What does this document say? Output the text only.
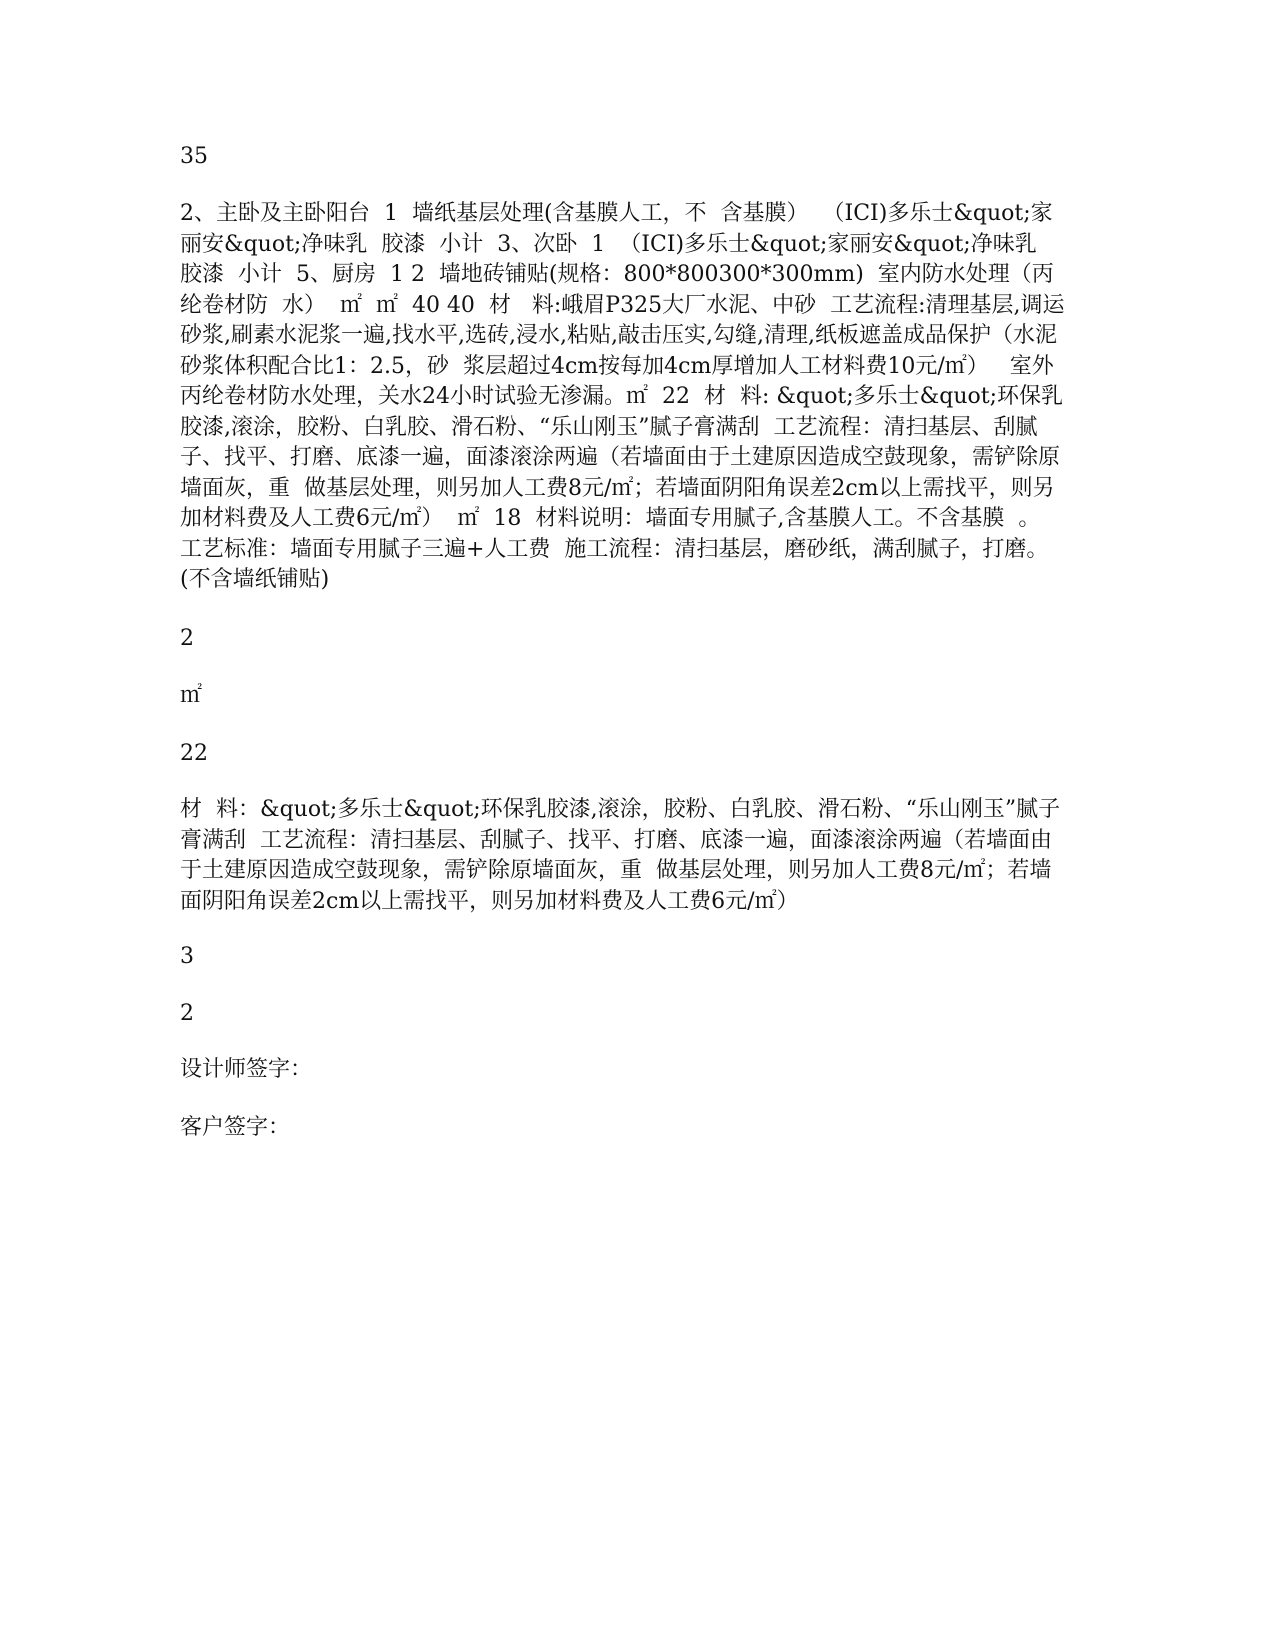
35

2、主卧及主卧阳台  1  墙纸基层处理(含基膜人工，不  含基膜）  （ICI)多乐士&quot;家丽安&quot;净味乳  胶漆  小计  3、次卧  1  （ICI)多乐士&quot;家丽安&quot;净味乳  胶漆  小计  5、厨房  1 2  墙地砖铺贴(规格：800*800300*300mm)  室内防水处理（丙纶卷材防  水）  ㎡  ㎡  40 40  材   料:峨眉P325大厂水泥、中砂  工艺流程:清理基层,调运砂浆,刷素水泥浆一遍,找水平,选砖,浸水,粘贴,敲击压实,勾缝,清理,纸板遮盖成品保护（水泥砂浆体积配合比1：2.5，砂  浆层超过4cm按每加4cm厚增加人工材料费10元/㎡）   室外丙纶卷材防水处理，关水24小时试验无渗漏。㎡  22  材  料: &quot;多乐士&quot;环保乳胶漆,滚涂，胶粉、白乳胶、滑石粉、“乐山刚玉”腻子膏满刮  工艺流程：清扫基层、刮腻子、找平、打磨、底漆一遍，面漆滚涂两遍（若墙面由于土建原因造成空鼓现象，需铲除原墙面灰，重  做基层处理，则另加人工费8元/㎡；若墙面阴阳角误差2cm以上需找平，则另加材料费及人工费6元/㎡）  ㎡  18  材料说明：墙面专用腻子,含基膜人工。不含基膜  。  工艺标准：墙面专用腻子三遍+人工费  施工流程：清扫基层，磨砂纸，满刮腻子，打磨。(不含墙纸铺贴)

2

㎡

22

材  料：&quot;多乐士&quot;环保乳胶漆,滚涂，胶粉、白乳胶、滑石粉、“乐山刚玉”腻子膏满刮  工艺流程：清扫基层、刮腻子、找平、打磨、底漆一遍，面漆滚涂两遍（若墙面由于土建原因造成空鼓现象，需铲除原墙面灰，重  做基层处理，则另加人工费8元/㎡；若墙面阴阳角误差2cm以上需找平，则另加材料费及人工费6元/㎡）

3

2

设计师签字：

客户签字：
